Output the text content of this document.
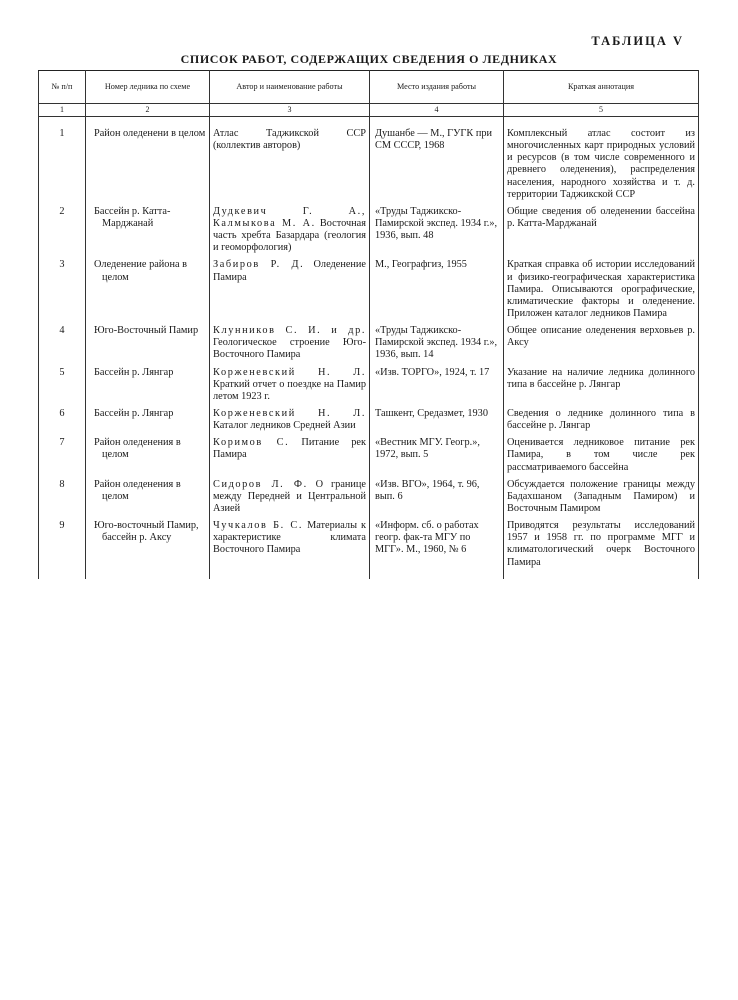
ТАБЛИЦА V
СПИСОК РАБОТ, СОДЕРЖАЩИХ СВЕДЕНИЯ О ЛЕДНИКАХ
№ п/п	Номер ледника по схеме	Автор и наименование работы	Место издания работы	Краткая аннотация
1	2	3	4	5

1	Район оледенени в целом	Атлас Таджикской ССР (коллектив авторов)	Душанбе — М., ГУГК при СМ СССР, 1968	Комплексный атлас состоит из многочисленных карт природных условий и ресурсов (в том числе современного и древнего оледенения), распределения населения, народного хозяйства и т. д. территории Таджикской ССР
2	Бассейн р. Катта-Марджанай	Дудкевич Г. А., Калмыкова М. А. Восточная часть хребта Базардара (геология и геоморфология)	«Труды Таджикско-Памирской экспед. 1934 г.», 1936, вып. 48	Общие сведения об оледенении бассейна р. Катта-Марджанай
3	Оледенение района в целом	Забиров Р. Д. Оледенение Памира	М., Географгиз, 1955	Краткая справка об истории исследований и физико-географическая характеристика Памира. Описываются орографические, климатические факторы и оледенение. Приложен каталог ледников Памира
4	Юго-Восточный Памир	Клунников С. И. и др. Геологическое строение Юго-Восточного Памира	«Труды Таджикско-Памирской экспед. 1934 г.», 1936, вып. 14	Общее описание оледенения верховьев р. Аксу
5	Бассейн р. Лянгар	Корженевский Н. Л. Краткий отчет о поездке на Памир летом 1923 г.	«Изв. ТОРГО», 1924, т. 17	Указание на наличие ледника долинного типа в бассейне р. Лянгар
6	Бассейн р. Лянгар	Корженевский Н. Л. Каталог ледников Средней Азии	Ташкент, Средазмет, 1930	Сведения о леднике долинного типа в бассейне р. Лянгар
7	Район оледенения в целом	Коримов С. Питание рек Памира	«Вестник МГУ. Геогр.», 1972, вып. 5	Оценивается ледниковое питание рек Памира, в том числе рек рассматриваемого бассейна
8	Район оледенения в целом	Сидоров Л. Ф. О границе между Передней и Центральной Азией	«Изв. ВГО», 1964, т. 96, вып. 6	Обсуждается положение границы между Бадахшаном (Западным Памиром) и Восточным Памиром
9	Юго-восточный Памир, бассейн р. Аксу	Чучкалов Б. С. Материалы к характеристике климата Восточного Памира	«Информ. сб. о работах геогр. фак-та МГУ по МГГ». М., 1960, № 6	Приводятся результаты исследований 1957 и 1958 гг. по программе МГГ и климатологический очерк Восточного Памира
